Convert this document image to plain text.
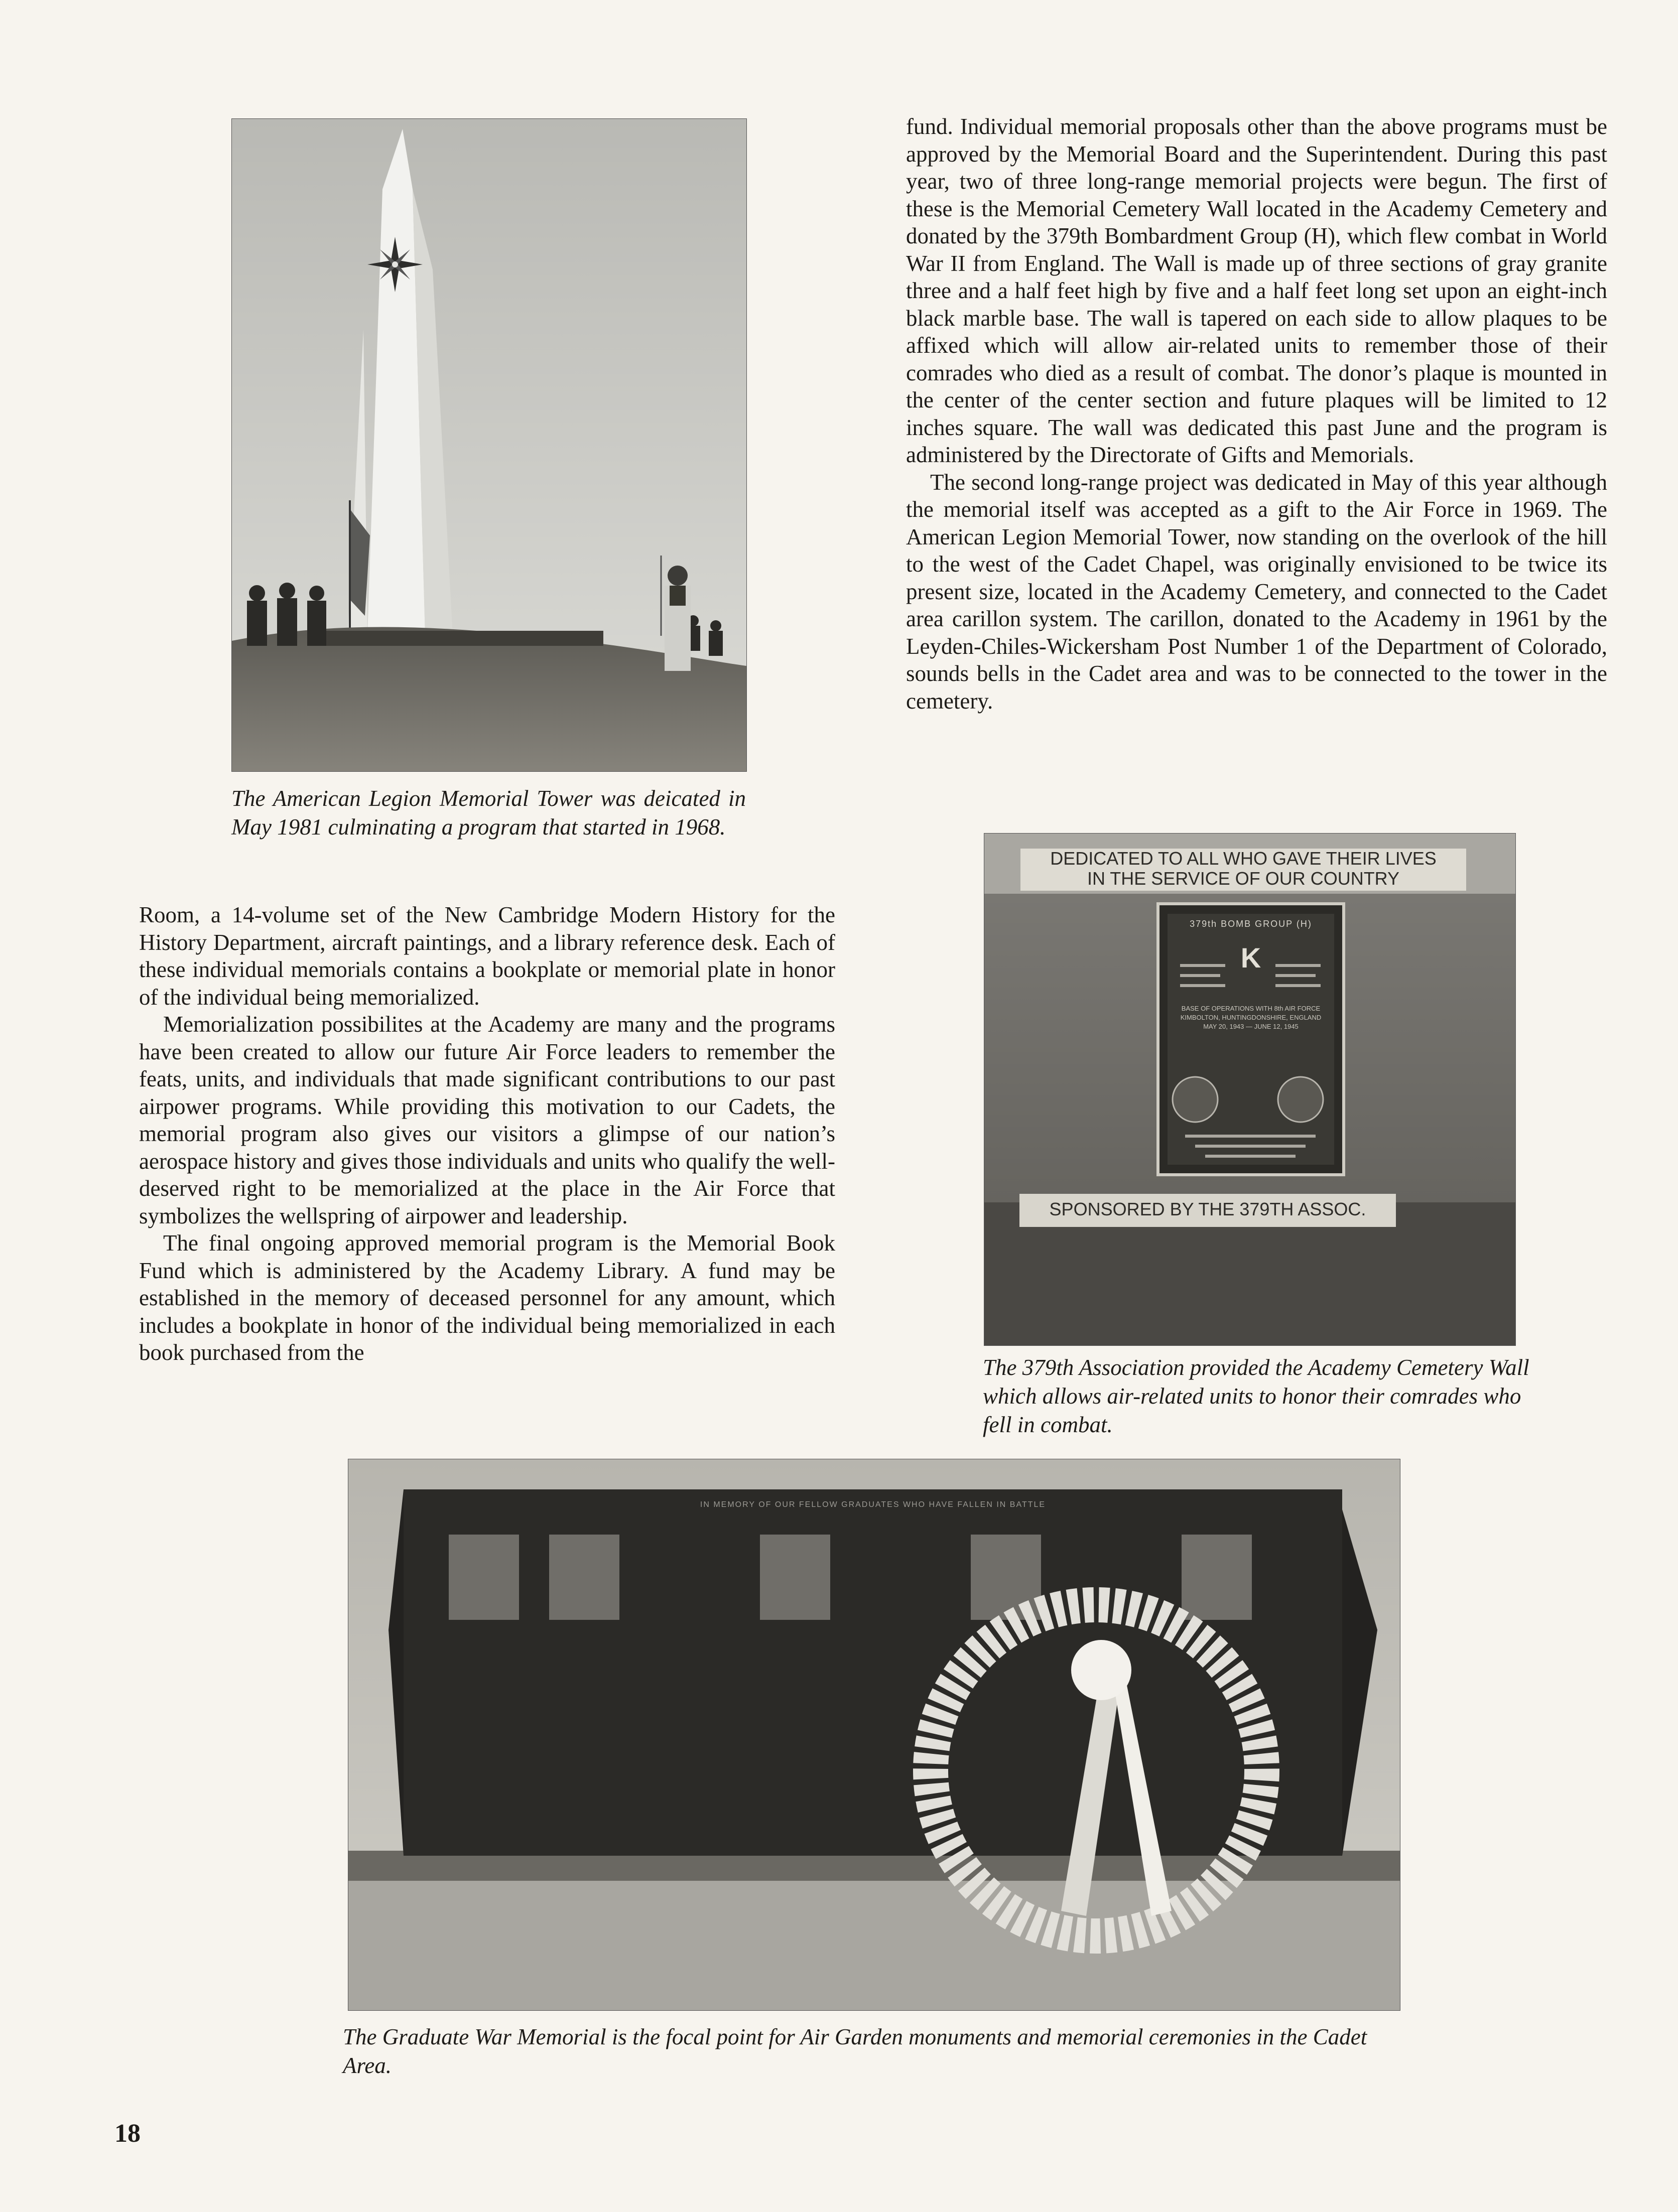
The American Legion Memorial Tower was deicated in May 1981 culminating a program that started in 1968.

Room, a 14-volume set of the New Cambridge Modern History for the History Department, aircraft paintings, and a library reference desk. Each of these individual memorials contains a bookplate or memorial plate in honor of the individual being memorialized.

Memorialization possibilites at the Academy are many and the programs have been created to allow our future Air Force leaders to remember the feats, units, and individuals that made significant contributions to our past airpower programs. While providing this motivation to our Cadets, the memorial program also gives our visitors a glimpse of our nation’s aerospace history and gives those individuals and units who qualify the well-deserved right to be memorialized at the place in the Air Force that symbolizes the wellspring of airpower and leadership.

The final ongoing approved memorial program is the Memorial Book Fund which is administered by the Academy Library. A fund may be established in the memory of deceased personnel for any amount, which includes a bookplate in honor of the individual being memorialized in each book purchased from the

fund. Individual memorial proposals other than the above programs must be approved by the Memorial Board and the Superintendent. During this past year, two of three long-range memorial projects were begun. The first of these is the Memorial Cemetery Wall located in the Academy Cemetery and donated by the 379th Bombardment Group (H), which flew combat in World War II from England. The Wall is made up of three sections of gray granite three and a half feet high by five and a half feet long set upon an eight-inch black marble base. The wall is tapered on each side to allow plaques to be affixed which will allow air-related units to remember those of their comrades who died as a result of combat. The donor’s plaque is mounted in the center of the center section and future plaques will be limited to 12 inches square. The wall was dedicated this past June and the program is administered by the Directorate of Gifts and Memorials.

The second long-range project was dedicated in May of this year although the memorial itself was accepted as a gift to the Air Force in 1969. The American Legion Memorial Tower, now standing on the overlook of the hill to the west of the Cadet Chapel, was originally envisioned to be twice its present size, located in the Academy Cemetery, and connected to the Cadet area carillon system. The carillon, donated to the Academy in 1961 by the Leyden-Chiles-Wickersham Post Number 1 of the Department of Colorado, sounds bells in the Cadet area and was to be connected to the tower in the cemetery.

DEDICATED TO ALL WHO GAVE THEIR LIVES
IN THE SERVICE OF OUR COUNTRY
379th BOMB GROUP (H)
K
BASE OF OPERATIONS WITH 8th AIR FORCE
KIMBOLTON, HUNTINGDONSHIRE, ENGLAND
MAY 20, 1943 — JUNE 12, 1945
SPONSORED BY THE 379TH ASSOC.

The 379th Association provided the Academy Cemetery Wall which allows air-related units to honor their comrades who fell in combat.

IN MEMORY OF OUR FELLOW GRADUATES WHO HAVE FALLEN IN BATTLE

The Graduate War Memorial is the focal point for Air Garden monuments and memorial ceremonies in the Cadet Area.

18
